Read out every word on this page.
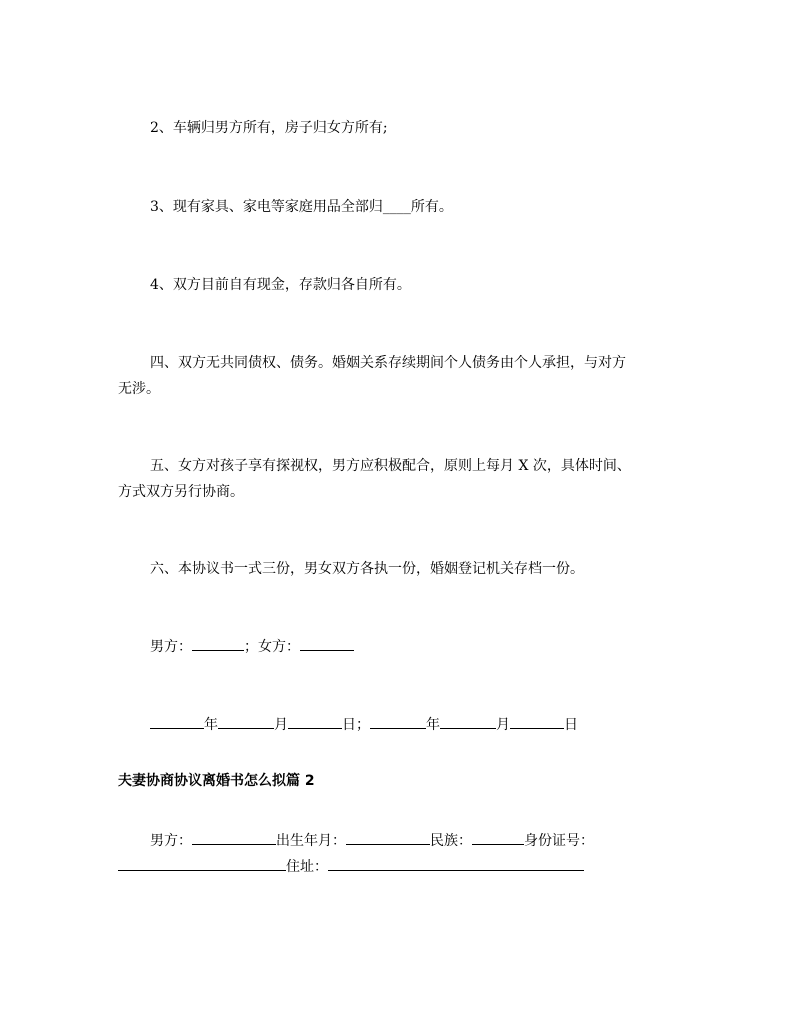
2、车辆归男方所有，房子归女方所有;
3、现有家具、家电等家庭用品全部归____所有。
4、双方目前自有现金，存款归各自所有。
四、双方无共同债权、债务。婚姻关系存续期间个人债务由个人承担，与对方
无涉。
五、女方对孩子享有探视权，男方应积极配合，原则上每月 X 次，具体时间、
方式双方另行协商。
六、本协议书一式三份，男女双方各执一份，婚姻登记机关存档一份。
男方：	；女方：
年	月	日；	年	月	日
夫妻协商协议离婚书怎么拟篇 2
男方：	出生年月：	民族：	身份证号：
住址：
